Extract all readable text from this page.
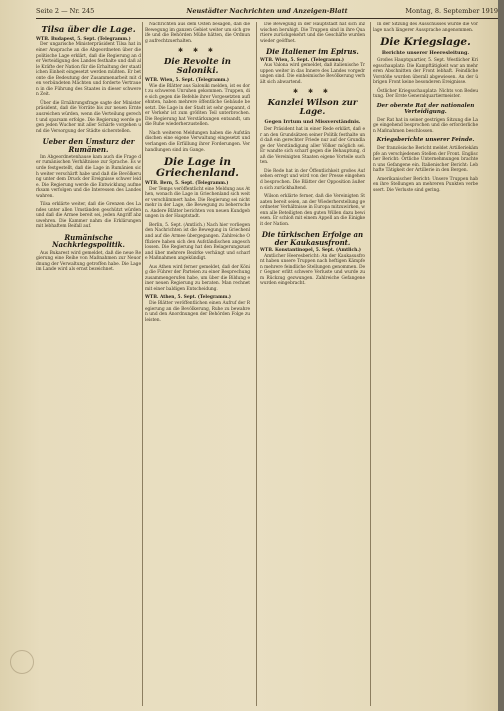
Seite 2 — Nr. 245	Neustädter Nachrichten und Anzeigen-Blatt	Montag, 8. September 1919
Tilsa über die Lage.

WTB. Budapest, 5. Sept. (Telegramm.)

Der ungarische Ministerpräsident Tilsa hat in einer Ansprache an die Abgeordneten über die politische Lage erklärt, daß die Regierung an der Verteidigung des Landes festhalte und daß alle Kräfte der Nation für die Erhaltung der staatlichen Einheit eingesetzt werden müßten. Er betonte die Bedeutung der Zusammenarbeit mit den verbündeten Mächten und forderte Vertrauen in die Führung des Staates in dieser schweren Zeit.

Über die Ernährungsfrage sagte der Ministerpräsident, daß die Vorräte bis zur neuen Ernte ausreichen würden, wenn die Verteilung gerecht und sparsam erfolge. Die Regierung werde gegen jeden Wucher mit aller Schärfe vorgehen und die Versorgung der Städte sicherstellen.

Ueber den Umsturz der Rumänen.

Im Abgeordnetenhause kam auch die Frage der rumänischen Verhältnisse zur Sprache. Es wurde festgestellt, daß die Lage in Rumänien sich weiter verschärft habe und daß die Bevölkerung unter dem Druck der Ereignisse schwer leide. Die Regierung werde die Entwicklung aufmerksam verfolgen und die Interessen des Landes wahren.

Tilsa erklärte weiter, daß die Grenzen des Landes unter allen Umständen geschützt würden und daß die Armee bereit sei, jeden Angriff abzuwehren. Die Kammer nahm die Erklärungen mit lebhaftem Beifall auf.

Rumänische Nachkriegspolitik.

Aus Bukarest wird gemeldet, daß die neue Regierung eine Reihe von Maßnahmen zur Neuordnung der Verwaltung getroffen habe. Die Lage im Lande wird als ernst bezeichnet.

Nachrichten aus dem Osten besagen, daß die Bewegung im ganzen Gebiet weiter um sich greife und die Behörden Mühe hätten, die Ordnung aufrechtzuerhalten.

✱ ✱ ✱
Die Revolte in Saloniki.

WTB. Wien, 5. Sept. (Telegramm.)

Wie die Blätter aus Saloniki melden, ist es dort zu schweren Unruhen gekommen. Truppen, die sich gegen die Befehle ihrer Vorgesetzten auflehnten, haben mehrere öffentliche Gebäude besetzt. Die Lage in der Stadt ist sehr gespannt, der Verkehr ist zum größten Teil unterbrochen. Die Regierung hat Verstärkungen entsandt, um die Ruhe wiederherzustellen.

Nach weiteren Meldungen haben die Aufständischen eine eigene Verwaltung eingesetzt und verlangen die Erfüllung ihrer Forderungen. Verhandlungen sind im Gange.

Die Lage in Griechenland.

WTB. Bern, 5. Sept. (Telegramm.)

Der Temps veröffentlicht eine Meldung aus Athen, wonach die Lage in Griechenland sich weiter verschlimmert habe. Die Regierung sei nicht mehr in der Lage, die Bewegung zu beherrschen. Andere Blätter berichten von neuen Kundgebungen in der Hauptstadt.

Berlin, 5. Sept. (Amtlich.) Nach hier vorliegenden Nachrichten ist die Bewegung in Griechenland auf die Armee übergegangen. Zahlreiche Offiziere haben sich den Aufständischen angeschlossen. Die Regierung hat den Belagerungszustand über mehrere Bezirke verhängt und scharfe Maßnahmen angekündigt.

Aus Athen wird ferner gemeldet, daß der König die Führer der Parteien zu einer Besprechung zusammengerufen habe, um über die Bildung einer neuen Regierung zu beraten. Man rechnet mit einer baldigen Entscheidung.

WTB. Athen, 5. Sept. (Telegramm.)

Die Blätter veröffentlichen einen Aufruf der Regierung an die Bevölkerung, Ruhe zu bewahren und den Anordnungen der Behörden Folge zu leisten.

Die Bewegung in der Hauptstadt hat sich inzwischen beruhigt. Die Truppen sind in ihre Quartiere zurückgekehrt und die Geschäfte wurden wieder geöffnet.

Die Italiener im Epirus.

WTB. Wien, 5. Sept. (Telegramm.)

Aus Valona wird gemeldet, daß italienische Truppen weiter in das Innere des Landes vorgedrungen sind. Die einheimische Bevölkerung verhält sich abwartend.

✱ ✱ ✱
Kanzlei Wilson zur Lage.
Gegen Irrtum und Missverständnis.

Der Präsident hat in einer Rede erklärt, daß er an den Grundsätzen seiner Politik festhalte und daß ein gerechter Friede nur auf der Grundlage der Verständigung aller Völker möglich sei. Er wandte sich scharf gegen die Behauptung, daß die Vereinigten Staaten eigene Vorteile suchten.

Die Rede hat in der Öffentlichkeit großes Aufsehen erregt und wird von der Presse eingehend besprochen. Die Blätter der Opposition äußern sich zurückhaltend.

Wilson erklärte ferner, daß die Vereinigten Staaten bereit seien, an der Wiederherstellung geordneter Verhältnisse in Europa mitzuwirken, wenn alle Beteiligten den guten Willen dazu bewiesen. Er schloß mit einem Appell an die Einigkeit der Nation.

Die türkischen Erfolge an der Kaukasusfront.

WTB. Konstantinopel, 5. Sept. (Amtlich.)

Amtlicher Heeresbericht: An der Kaukasusfront haben unsere Truppen nach heftigen Kämpfen mehrere feindliche Stellungen genommen. Der Gegner erlitt schwere Verluste und wurde zum Rückzug gezwungen. Zahlreiche Gefangene wurden eingebracht.

In der Sitzung des Ausschusses wurde die Vorlage nach längerer Aussprache angenommen.

Die Kriegslage.
Berichte unserer Heeresleitung.

Großes Hauptquartier, 5. Sept. Westlicher Kriegsschauplatz: Die Kampftätigkeit war an mehreren Abschnitten der Front lebhaft. Feindliche Vorstöße wurden überall abgewiesen. An der übrigen Front keine besonderen Ereignisse.

Östlicher Kriegsschauplatz: Nichts von Bedeutung. Der Erste Generalquartiermeister.

Der oberste Rat der nationalen Verteidigung.

Der Rat hat in seiner gestrigen Sitzung die Lage eingehend besprochen und die erforderlichen Maßnahmen beschlossen.

Kriegsberichte unserer Feinde.

Der französische Bericht meldet Artilleriekämpfe an verschiedenen Stellen der Front. Englischer Bericht: Örtliche Unternehmungen brachten uns Gefangene ein. Italienischer Bericht: Lebhafte Tätigkeit der Artillerie in den Bergen.

Amerikanischer Bericht: Unsere Truppen haben ihre Stellungen an mehreren Punkten verbessert. Die Verluste sind gering.
